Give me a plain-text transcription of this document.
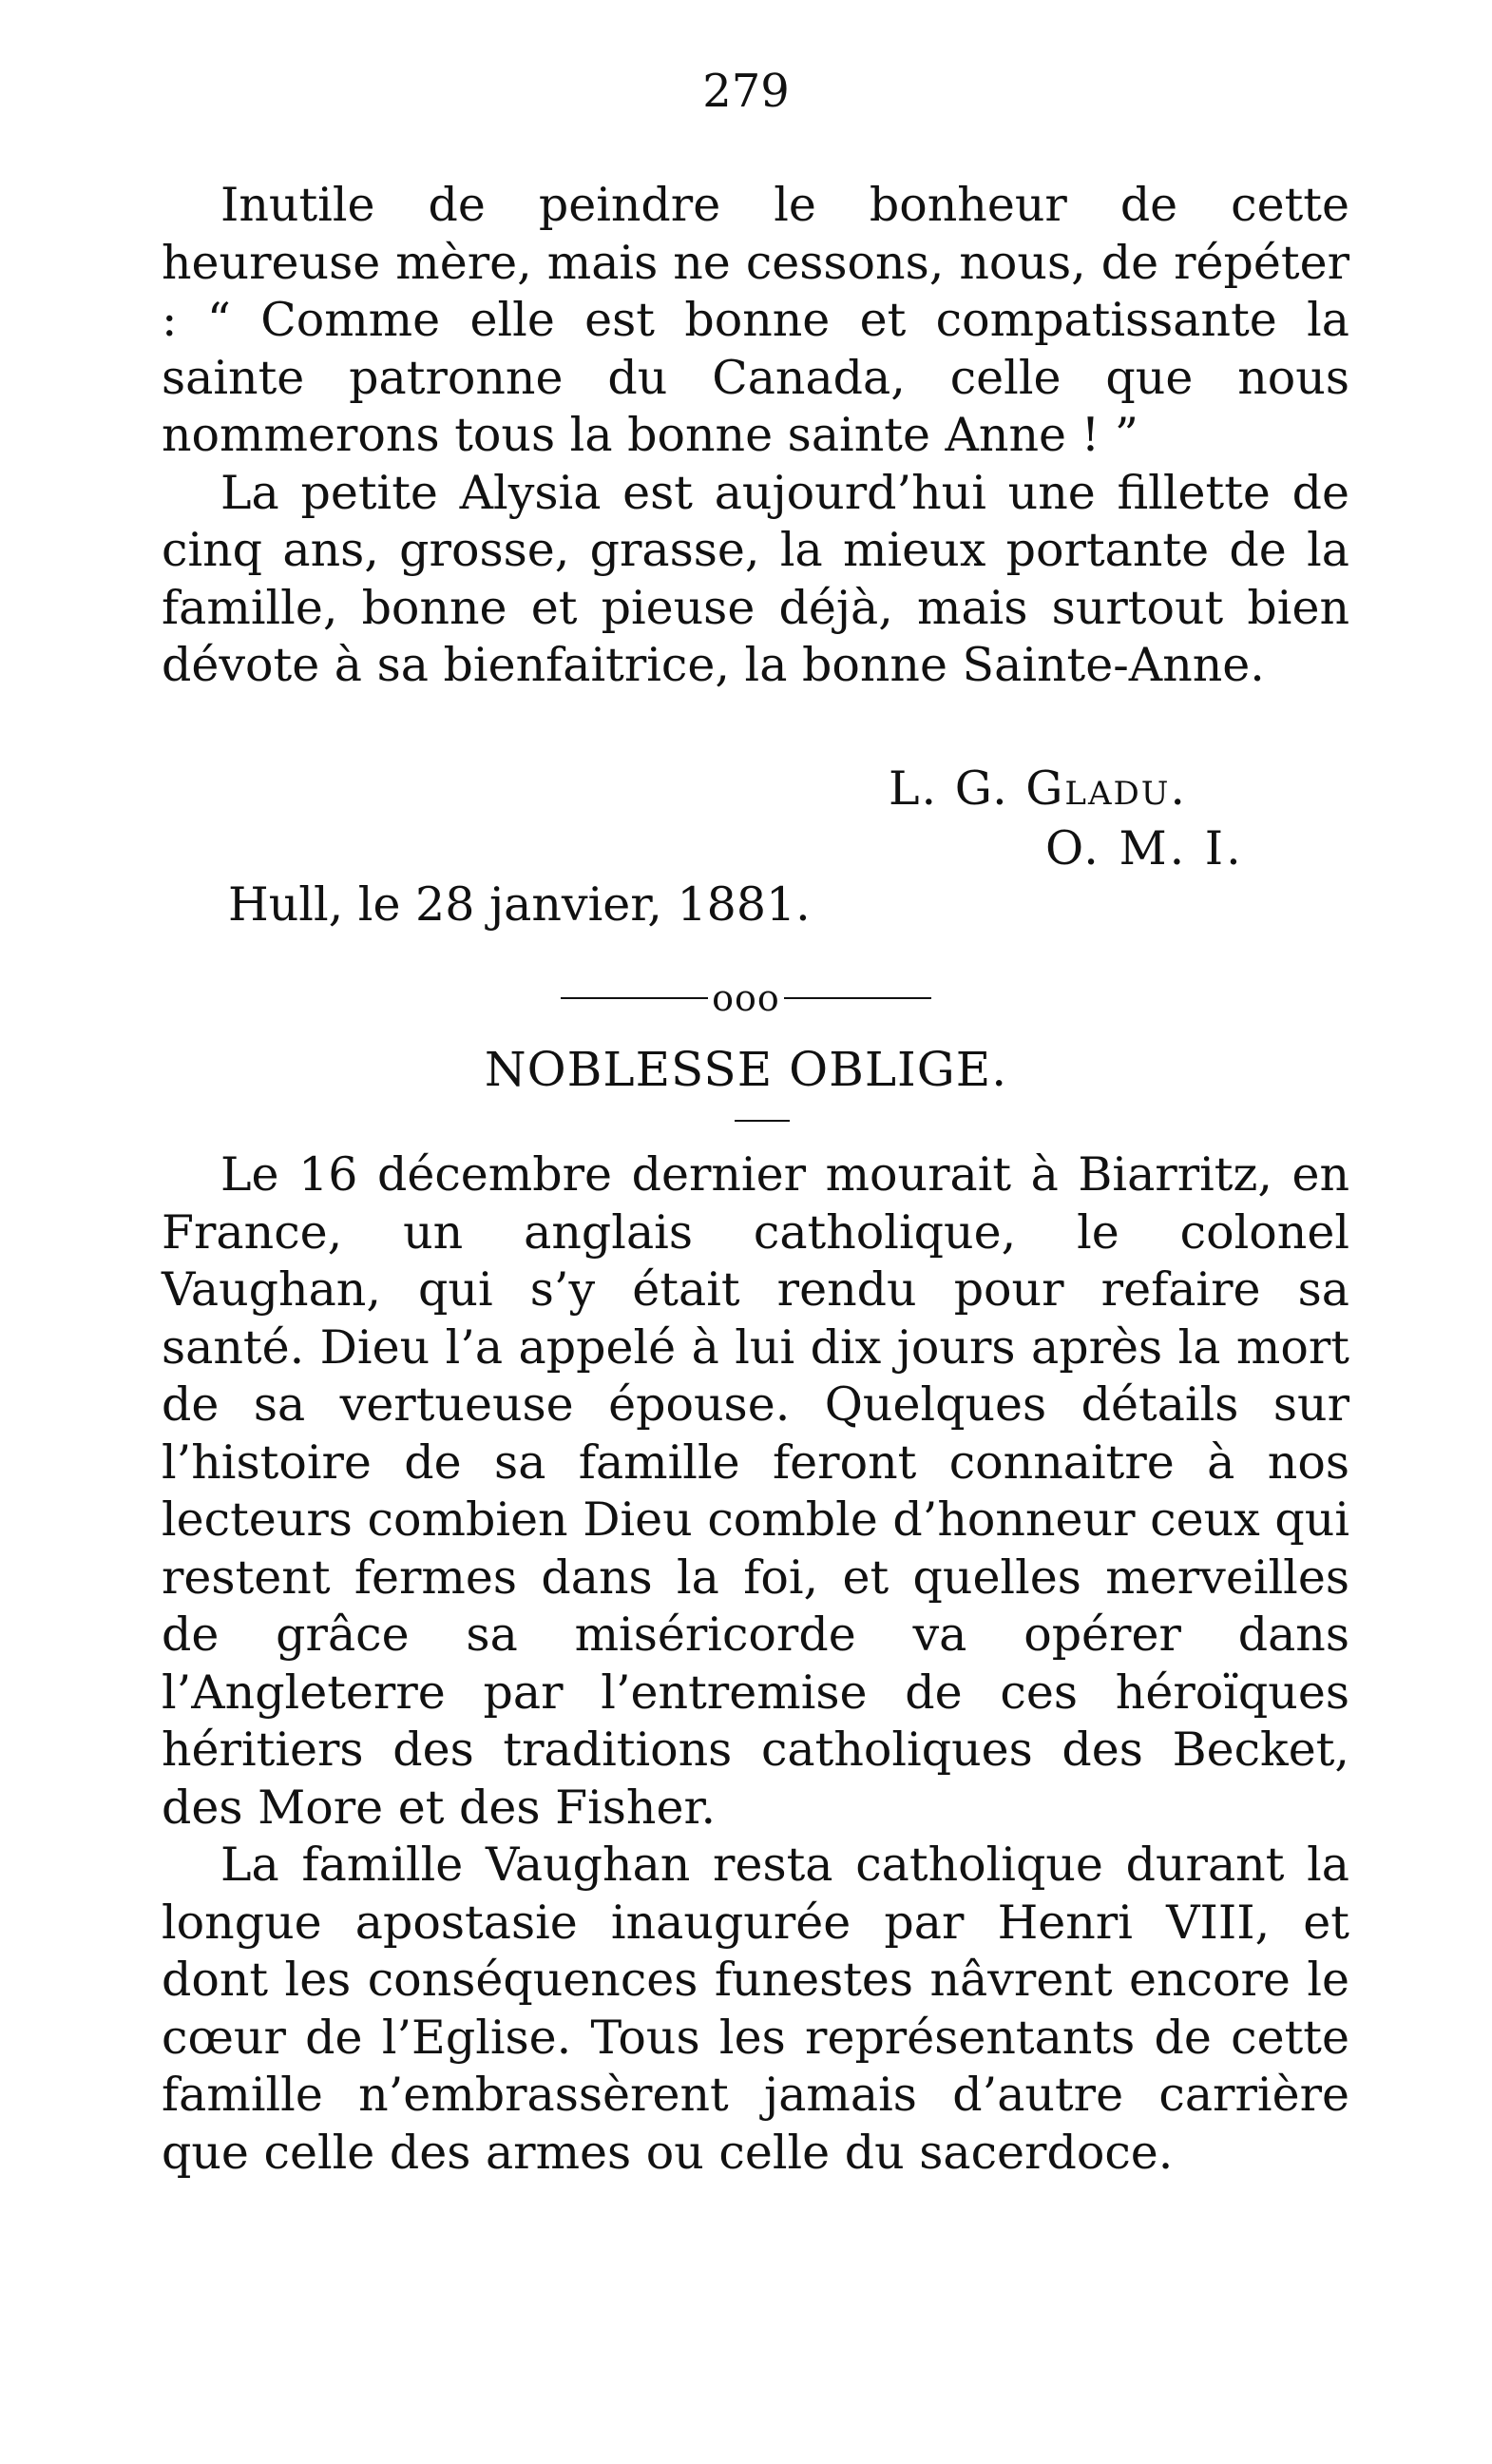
279

Inutile de peindre le bonheur de cette heureuse mère, mais ne cessons, nous, de répéter : “ Comme elle est bonne et compatissante la sainte patronne du Canada, celle que nous nommerons tous la bonne sainte Anne ! ”

La petite Alysia est aujourd’hui une fillette de cinq ans, grosse, grasse, la mieux portante de la famille, bonne et pieuse déjà, mais surtout bien dévote à sa bienfaitrice, la bonne Sainte-Anne.

L. G. Gladu.
O. M. I.
Hull, le 28 janvier, 1881.
ooo
NOBLESSE OBLIGE.

Le 16 décembre dernier mourait à Biarritz, en France, un anglais catholique, le colonel Vaughan, qui s’y était rendu pour refaire sa santé. Dieu l’a appelé à lui dix jours après la mort de sa vertueuse épouse. Quelques détails sur l’histoire de sa famille feront connaitre à nos lecteurs combien Dieu comble d’honneur ceux qui restent fermes dans la foi, et quelles merveilles de grâce sa miséricorde va opérer dans l’Angleterre par l’entremise de ces héroïques héritiers des traditions catholiques des Becket, des More et des Fisher.

La famille Vaughan resta catholique durant la longue apostasie inaugurée par Henri VIII, et dont les conséquences funestes nâvrent encore le cœur de l’Eglise. Tous les représentants de cette famille n’embrassèrent jamais d’autre carrière que celle des armes ou celle du sacerdoce.
